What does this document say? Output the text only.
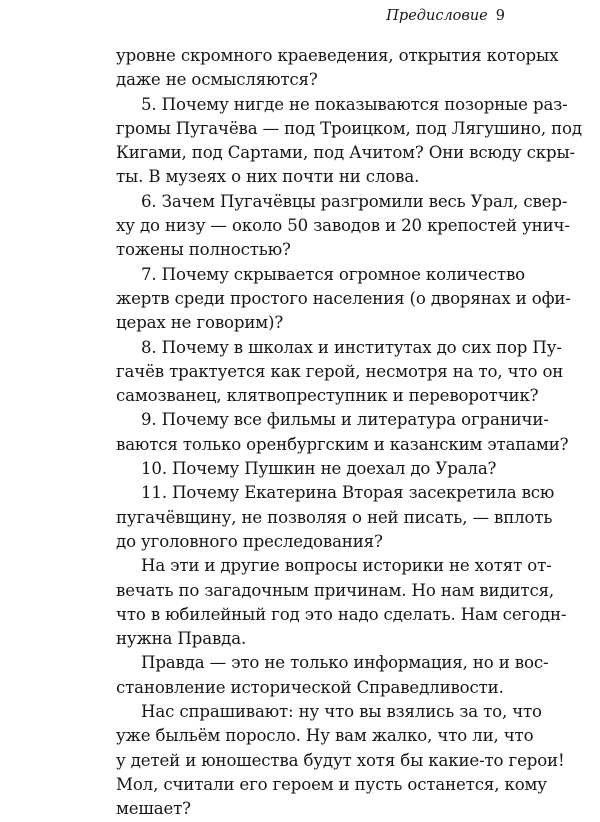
Предисловие 9
уровне скромного краеведения, открытия которых
даже не осмысляются?
5. Почему нигде не показываются позорные раз-
громы Пугачёва — под Троицком, под Лягушино, под
Кигами, под Сартами, под Ачитом? Они всюду скры-
ты. В музеях о них почти ни слова.
6. Зачем Пугачёвцы разгромили весь Урал, свер-
ху до низу — около 50 заводов и 20 крепостей унич-
тожены полностью?
7. Почему скрывается огромное количество
жертв среди простого населения (о дворянах и офи-
церах не говорим)?
8. Почему в школах и институтах до сих пор Пу-
гачёв трактуется как герой, несмотря на то, что он
самозванец, клятвопреступник и переворотчик?
9. Почему все фильмы и литература ограничи-
ваются только оренбургским и казанским этапами?
10. Почему Пушкин не доехал до Урала?
11. Почему Екатерина Вторая засекретила всю
пугачёвщину, не позволяя о ней писать, — вплоть
до уголовного преследования?
На эти и другие вопросы историки не хотят от-
вечать по загадочным причинам. Но нам видится,
что в юбилейный год это надо сделать. Нам сегодн-
нужна Правда.
Правда — это не только информация, но и вос-
становление исторической Справедливости.
Нас спрашивают: ну что вы взялись за то, что
уже быльём поросло. Ну вам жалко, что ли, что
у детей и юношества будут хотя бы какие-то герои!
Мол, считали его героем и пусть останется, кому
мешает?
